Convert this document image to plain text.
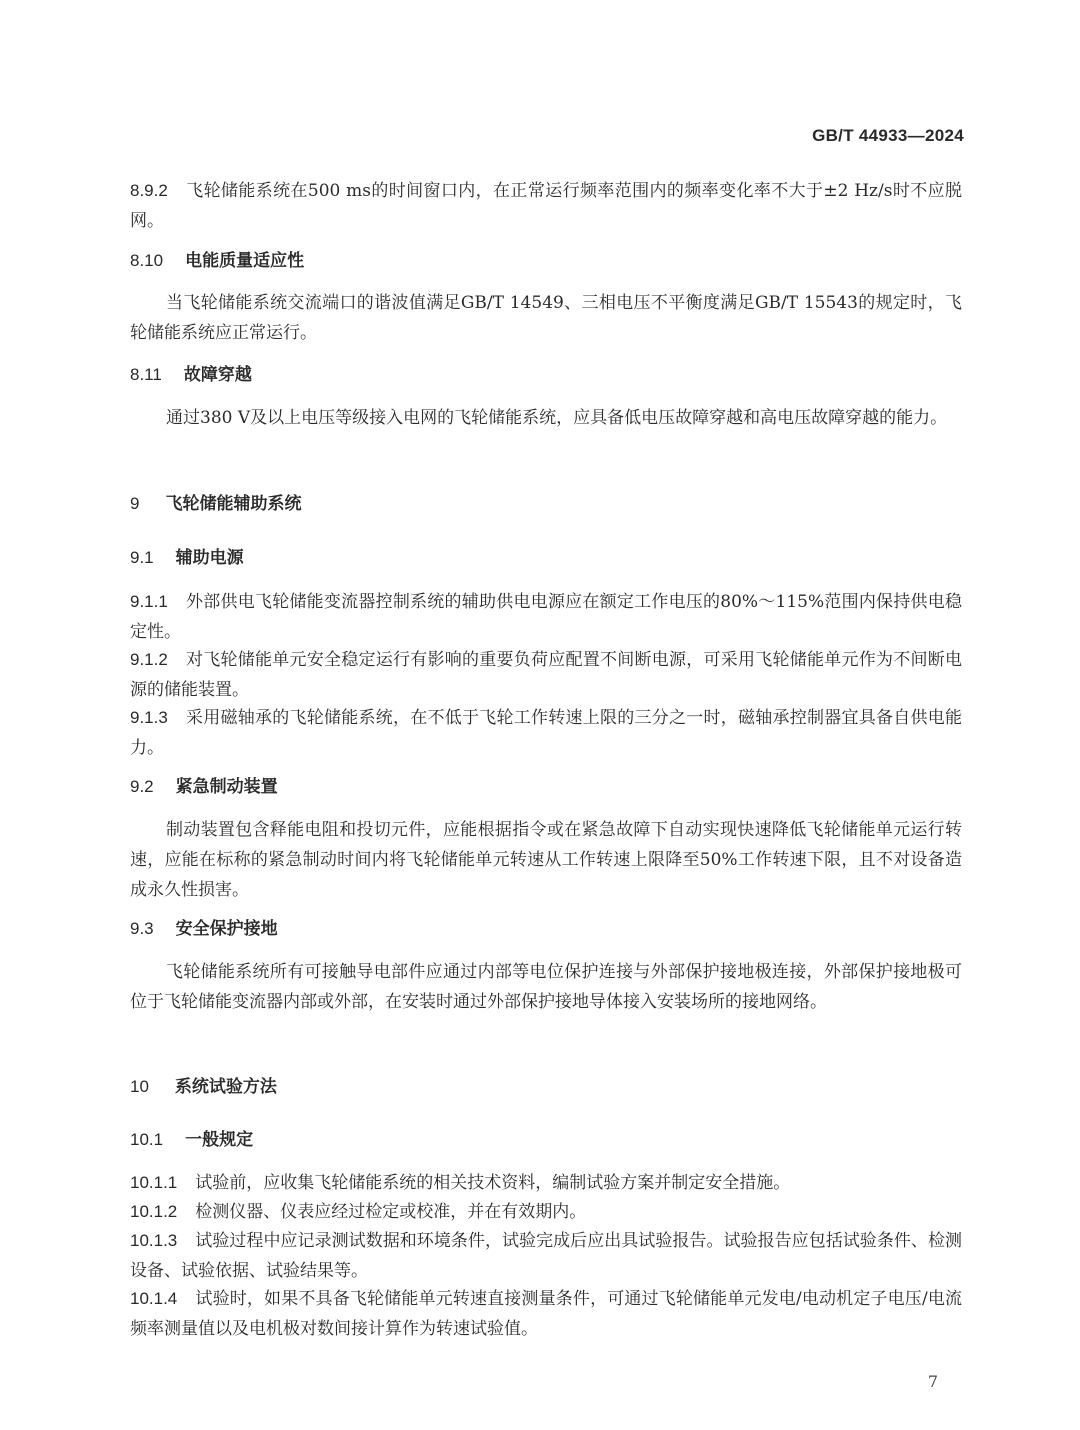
GB/T 44933—2024
8.9.2 飞轮储能系统在500 ms的时间窗口内，在正常运行频率范围内的频率变化率不大于±2 Hz/s时不应脱网。
8.10 电能质量适应性
当飞轮储能系统交流端口的谐波值满足GB/T 14549、三相电压不平衡度满足GB/T 15543的规定时，飞轮储能系统应正常运行。
8.11 故障穿越
通过380 V及以上电压等级接入电网的飞轮储能系统，应具备低电压故障穿越和高电压故障穿越的能力。
9 飞轮储能辅助系统
9.1 辅助电源
9.1.1 外部供电飞轮储能变流器控制系统的辅助供电电源应在额定工作电压的80%～115%范围内保持供电稳定性。
9.1.2 对飞轮储能单元安全稳定运行有影响的重要负荷应配置不间断电源，可采用飞轮储能单元作为不间断电源的储能装置。
9.1.3 采用磁轴承的飞轮储能系统，在不低于飞轮工作转速上限的三分之一时，磁轴承控制器宜具备自供电能力。
9.2 紧急制动装置
制动装置包含释能电阻和投切元件，应能根据指令或在紧急故障下自动实现快速降低飞轮储能单元运行转速，应能在标称的紧急制动时间内将飞轮储能单元转速从工作转速上限降至50%工作转速下限，且不对设备造成永久性损害。
9.3 安全保护接地
飞轮储能系统所有可接触导电部件应通过内部等电位保护连接与外部保护接地极连接，外部保护接地极可位于飞轮储能变流器内部或外部，在安装时通过外部保护接地导体接入安装场所的接地网络。
10 系统试验方法
10.1 一般规定
10.1.1 试验前，应收集飞轮储能系统的相关技术资料，编制试验方案并制定安全措施。
10.1.2 检测仪器、仪表应经过检定或校准，并在有效期内。
10.1.3 试验过程中应记录测试数据和环境条件，试验完成后应出具试验报告。试验报告应包括试验条件、检测设备、试验依据、试验结果等。
10.1.4 试验时，如果不具备飞轮储能单元转速直接测量条件，可通过飞轮储能单元发电/电动机定子电压/电流频率测量值以及电机极对数间接计算作为转速试验值。
7
